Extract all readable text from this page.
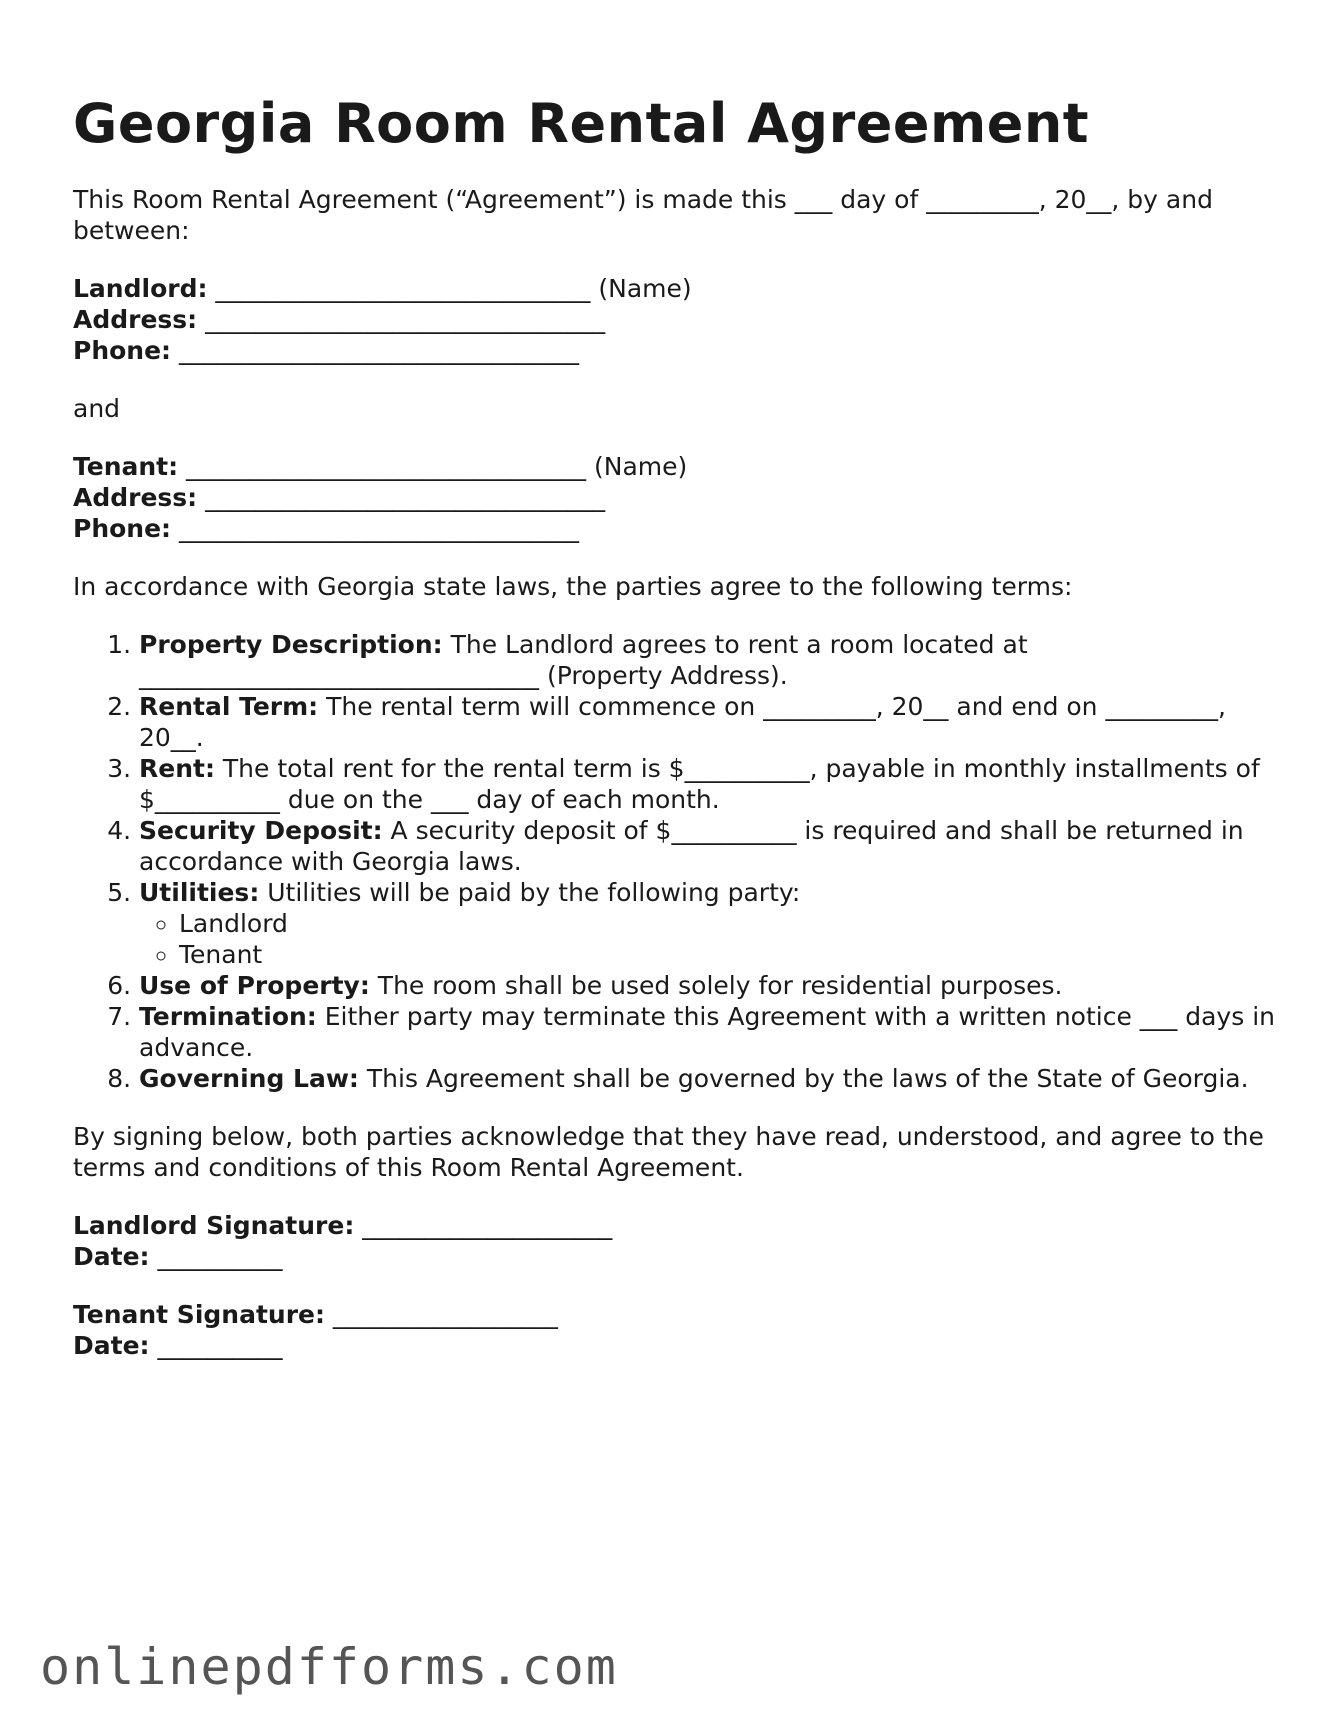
Georgia Room Rental Agreement

This Room Rental Agreement (“Agreement”) is made this ___ day of _________, 20__, by and between:

Landlord: ______________________________ (Name)
Address: ________________________________
Phone: ________________________________

and

Tenant: ________________________________ (Name)
Address: ________________________________
Phone: ________________________________

In accordance with Georgia state laws, the parties agree to the following terms:

1. Property Description: The Landlord agrees to rent a room located at ________________________________ (Property Address).
2. Rental Term: The rental term will commence on _________, 20__ and end on _________, 20__.
3. Rent: The total rent for the rental term is $__________, payable in monthly installments of $__________ due on the ___ day of each month.
4. Security Deposit: A security deposit of $__________ is required and shall be returned in accordance with Georgia laws.
5. Utilities: Utilities will be paid by the following party:
◦ Landlord
◦ Tenant
6. Use of Property: The room shall be used solely for residential purposes.
7. Termination: Either party may terminate this Agreement with a written notice ___ days in advance.
8. Governing Law: This Agreement shall be governed by the laws of the State of Georgia.

By signing below, both parties acknowledge that they have read, understood, and agree to the terms and conditions of this Room Rental Agreement.

Landlord Signature: ____________________
Date: __________
Tenant Signature: __________________
Date: __________
onlinepdfforms.com
